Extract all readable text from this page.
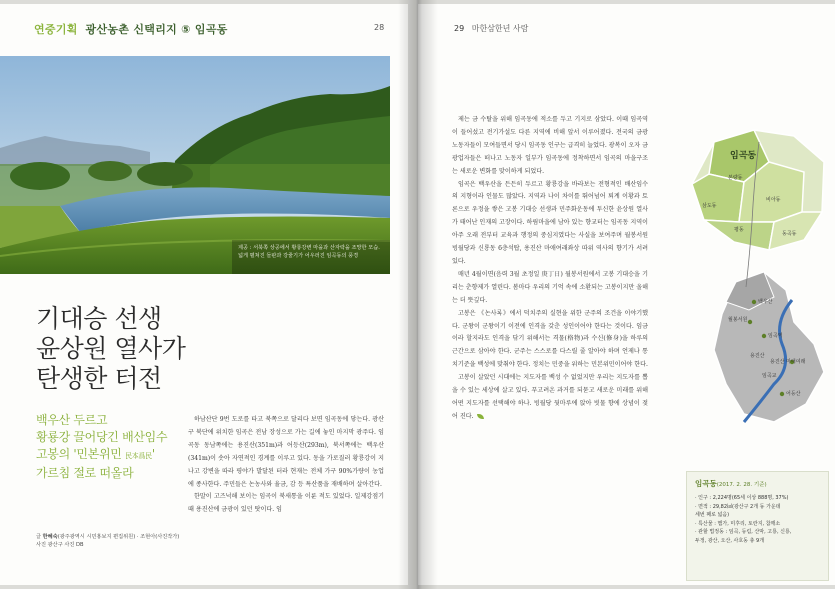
연중기획 광산농촌 신택리지 ⑤ 임곡동	28
제공 : 서북쪽 상공에서 황룡강변 마을과 산자락을 조망한 모습. 넓게 펼쳐진 들판과 강줄기가 어우러진 임곡동의 풍경
기대승 선생
윤상원 열사가
탄생한 터전
백우산 두르고
황룡강 끌어당긴 배산임수
고봉의 '민본위민 民本爲民'
가르침 절로 떠올라
글 한혜숙(광주광역시 시민홍보지 편집위원) · 조현아(사진작가)
사진 광산구 사진 DB

하남산단 9번 도로를 타고 북쪽으로 달리다 보면 임곡동에 닿는다. 광산구 북단에 위치한 임곡은 전남 장성으로 가는 길에 놓인 마지막 광주다. 임곡동 동남쪽에는 용진산(351m)과 어등산(293m), 북서쪽에는 백우산(341m)이 솟아 자연적인 경계를 이루고 있다. 동을 가로질러 황룡강이 지나고 강변을 따라 평야가 발달된 터라 현재는 전체 가구 90%가량이 농업에 종사한다. 주민들은 논농사와 율금, 감 등 특산품을 재배하며 살아간다.

한말이 고즈넉해 보이는 임곡이 북새통을 이룬 적도 있었다. 일제강점기 때 용진산에 금광이 있던 탓이다. 임

29 마한삼한년 사람

제는 금 수탈을 위해 임곡동에 적소를 두고 기지로 삼았다. 이때 임곡역이 들어섰고 전기가설도 다른 지역에 비해 앞서 이루어졌다. 전국의 금광 노동자들이 모여들면서 당시 임곡동 인구는 급격히 늘었다. 광복이 오자 금광업자들은 떠나고 노동자 일부가 임곡동에 정착하면서 임곡의 마을구조는 새로운 변화를 맞이하게 되었다.

임곡은 백우산을 든든히 두르고 황룡강을 바라보는 전형적인 배산임수의 지형이라 인물도 많았다. 지역과 나이 차이를 뛰어넘어 퇴계 이황과 토론으로 우정을 쌓은 고봉 기대승 선생과 민주화운동에 투신한 윤상원 열사가 태어난 인재의 고장이다. 하림마을에 남아 있는 향교터는 임곡동 지역이 아주 오래 전부터 교육과 행정의 중심지였다는 사실을 보여주며 월봉서원 빙월당과 신룡동 6층석탑, 용진산 마애여래좌상 따위 역사의 향기가 서려있다.

매년 4월이면(음력 3월 초정일 庚丁日) 월봉서원에서 고봉 기대승을 기리는 춘향제가 열린다. 봄마다 우리의 기억 속에 소환되는 고봉이지만 올해는 더 뜻깊다.

고봉은 《논사록》에서 덕치주의 실현을 위한 군주의 조건을 이야기했다. 군왕이 군왕이기 이전에 인격을 갖춘 성인이어야 한다는 것이다. 임금이라 할지라도 인격을 닦기 위해서는 격물(格物)과 수신(修身)을 하루의 근간으로 삼아야 한다. 군주는 스스로를 다스릴 줄 알아야 하며 언제나 통치기준을 백성에 맞춰야 한다. 정치는 민중을 위하는 민본위민이어야 한다.

고봉이 살았던 시대에는 지도자를 백성 수 없었지만 우리는 지도자를 뽑을 수 있는 세상에 살고 있다. 푸고려온 과거를 되묻고 새로운 미래를 위해 어떤 지도자를 선택해야 하나. 빙월당 뒷마루에 앉아 빗물 향에 상념이 젖어 진다.

임곡동
본량동
삼도동
비아동
평동
동곡동
백우산
월봉서원
임곡역
용진산
용진산 마애여래
임곡교
어등산
임곡동(2017. 2. 28. 기준)
· 인구 : 2,224명(65세 이상 888명, 37%)
· 면적 : 29,82㎢(광산구 2개 동 가운데
세번 째로 넓음)
· 특산물 : 햄가, 미후리, 토란지, 참깨소
· 관할 법정동 : 임곡, 등림, 산막, 고룡, 신룡,
두정, 광산, 오산, 사호동 총 9개
